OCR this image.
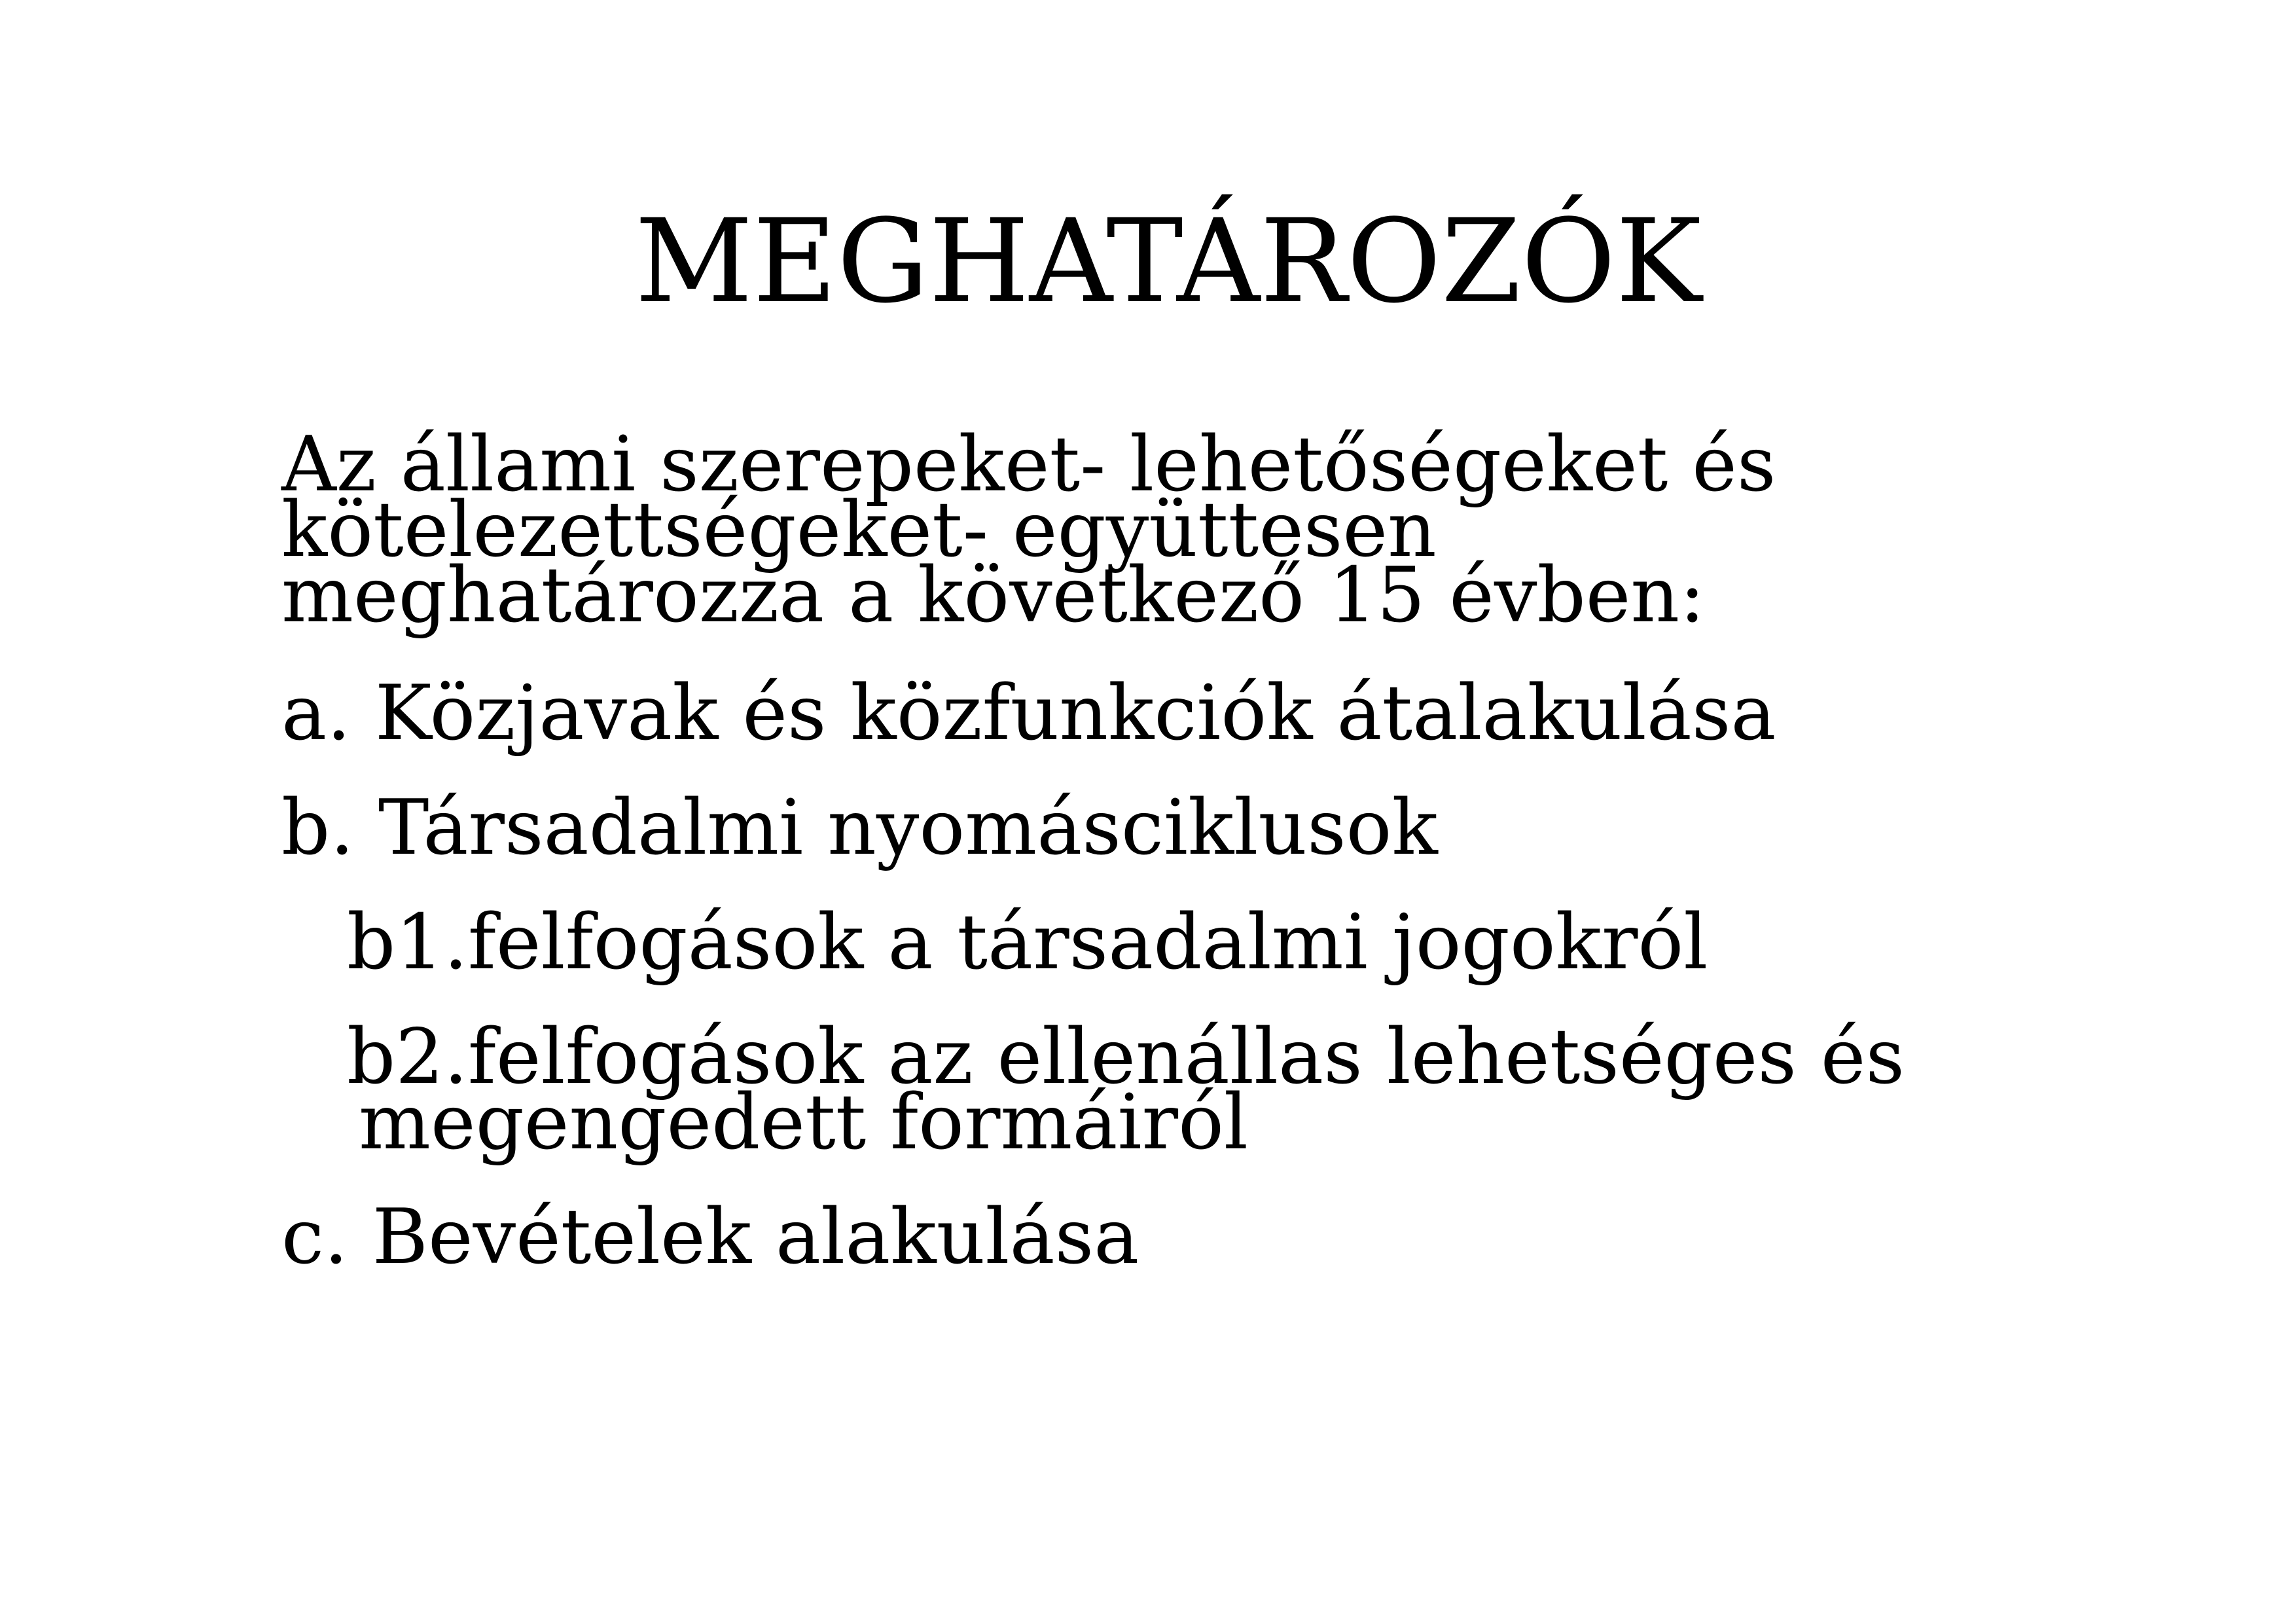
MEGHATÁROZÓK

Az állami szerepeket- lehetőségeket és
kötelezettségeket- együttesen
meghatározza a következő 15 évben:

a. Közjavak és közfunkciók átalakulása

b. Társadalmi nyomásciklusok

b1.felfogások a társadalmi jogokról

b2.felfogások az ellenállas lehetséges és
megengedett formáiról

c. Bevételek alakulása
